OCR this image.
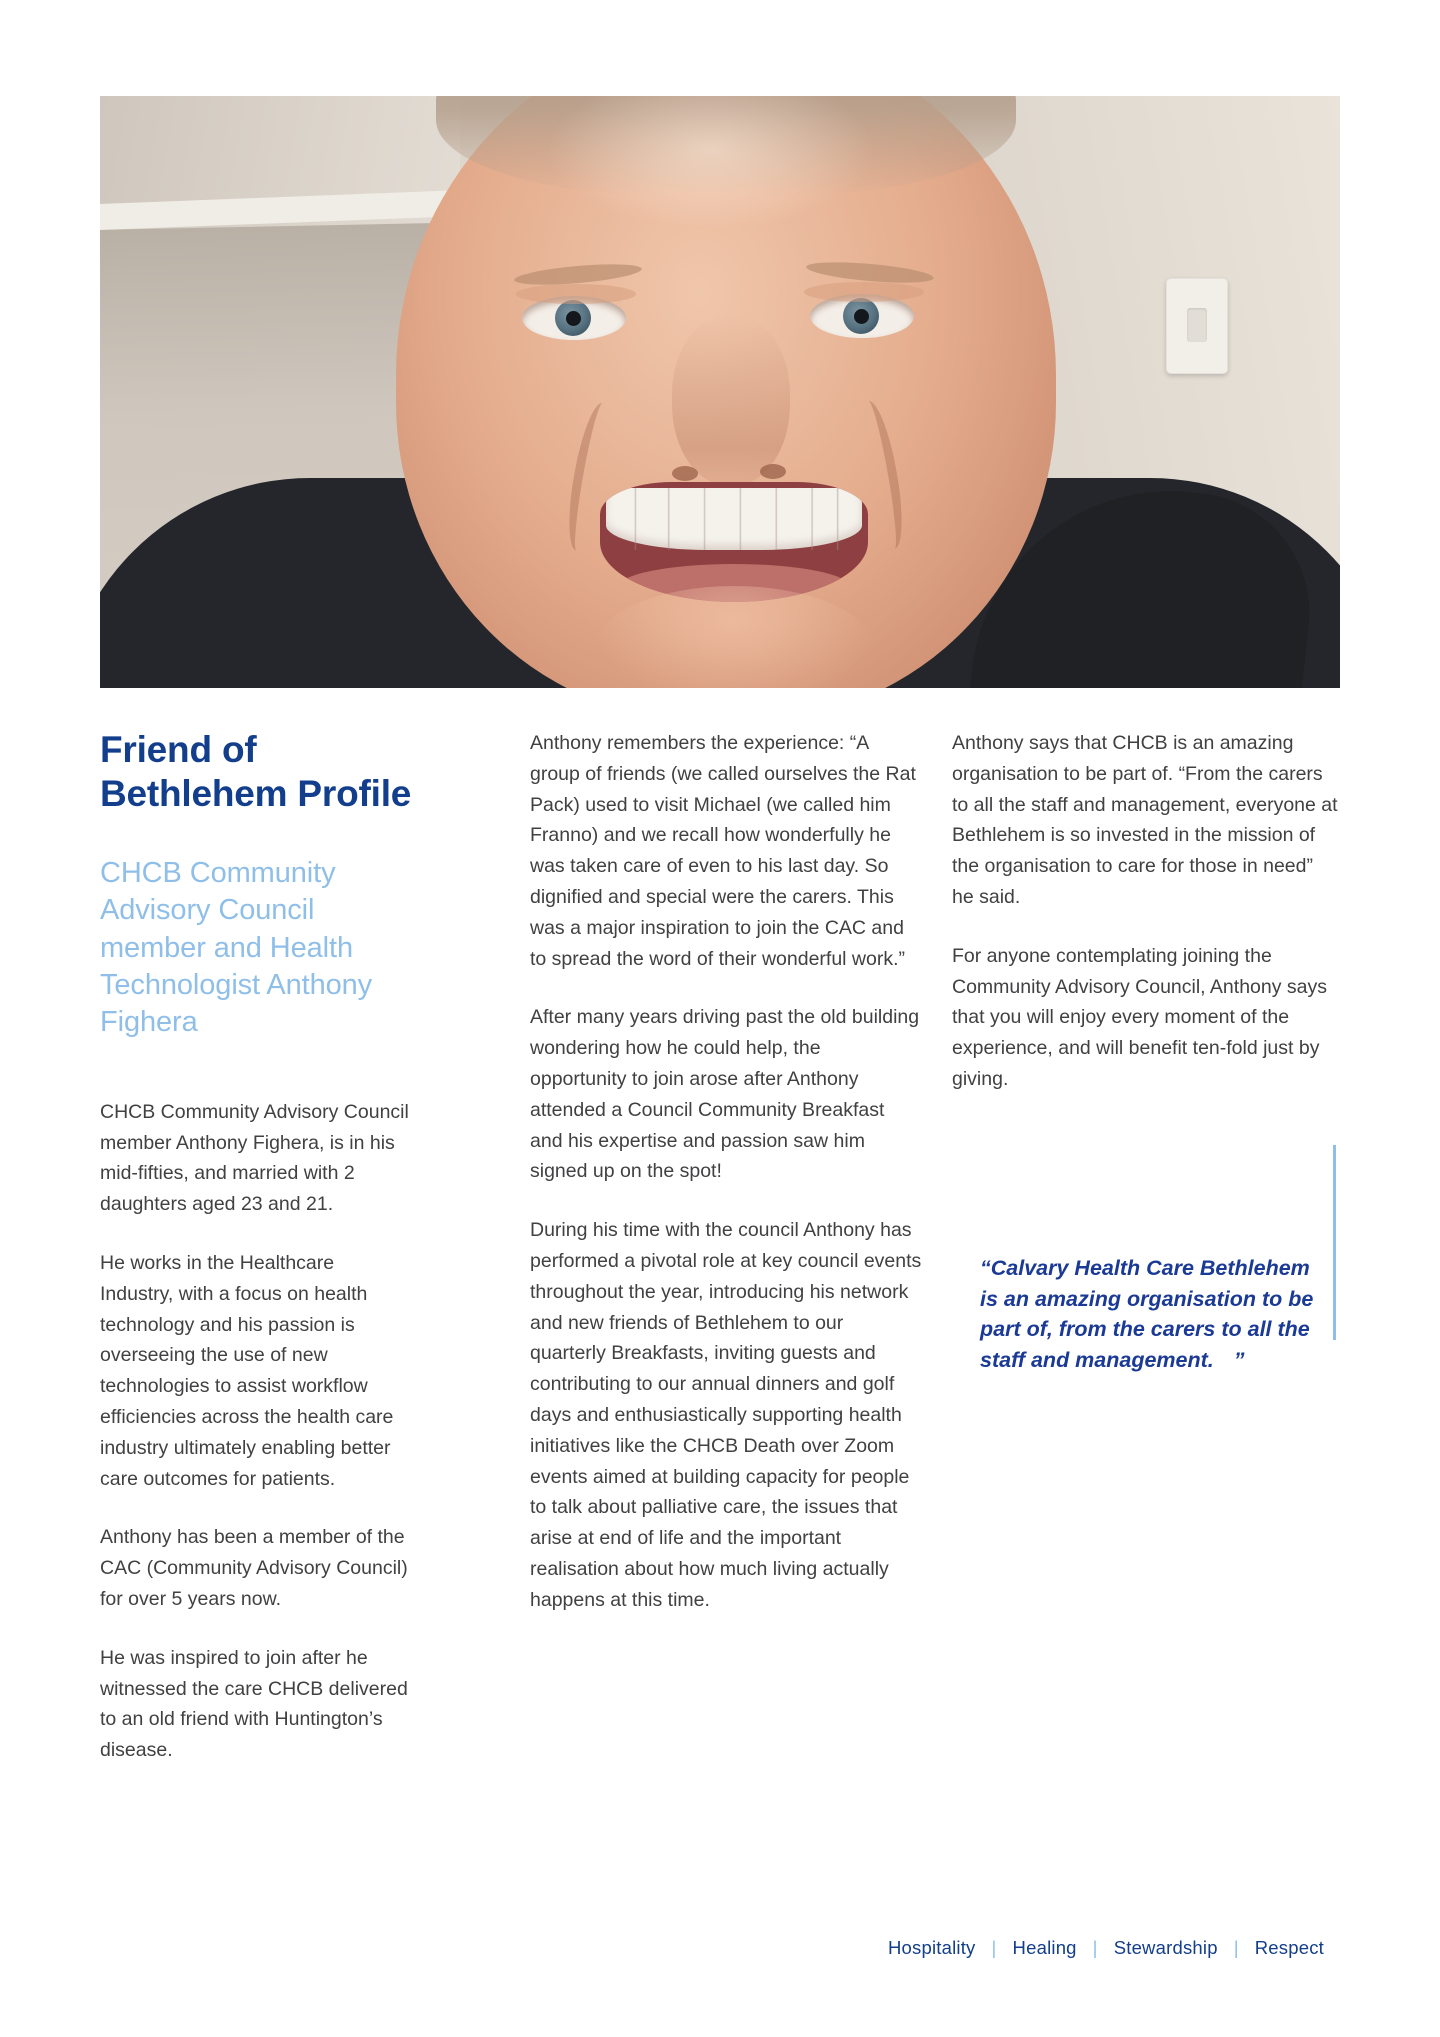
Friend of Bethlehem Profile
CHCB Community Advisory Council member and Health Technologist Anthony Fighera

CHCB Community Advisory Council member Anthony Fighera, is in his mid-fifties, and married with 2 daughters aged 23 and 21.

He works in the Healthcare Industry, with a focus on health technology and his passion is overseeing the use of new technologies to assist workflow efficiencies across the health care industry ultimately enabling better care outcomes for patients.

Anthony has been a member of the CAC (Community Advisory Council) for over 5 years now.

He was inspired to join after he witnessed the care CHCB delivered to an old friend with Huntington’s disease.

Anthony remembers the experience: “A group of friends (we called ourselves the Rat Pack) used to visit Michael (we called him Franno) and we recall how wonderfully he was taken care of even to his last day. So dignified and special were the carers. This was a major inspiration to join the CAC and to spread the word of their wonderful work.”

After many years driving past the old building wondering how he could help, the opportunity to join arose after Anthony attended a Council Community Breakfast and his expertise and passion saw him signed up on the spot!

During his time with the council Anthony has performed a pivotal role at key council events throughout the year, introducing his network and new friends of Bethlehem to our quarterly Breakfasts, inviting guests and contributing to our annual dinners and golf days and enthusiastically supporting health initiatives like the CHCB Death over Zoom events aimed at building capacity for people to talk about palliative care, the issues that arise at end of life and the important realisation about how much living actually happens at this time.

Anthony says that CHCB is an amazing organisation to be part of. “From the carers to all the staff and management, everyone at Bethlehem is so invested in the mission of the organisation to care for those in need” he said.

For anyone contemplating joining the Community Advisory Council, Anthony says that you will enjoy every moment of the experience, and will benefit ten-fold just by giving.

“Calvary Health Care Bethlehem is an amazing organisation to be part of, from the carers to all the staff and management. ”
Hospitality | Healing | Stewardship | Respect
